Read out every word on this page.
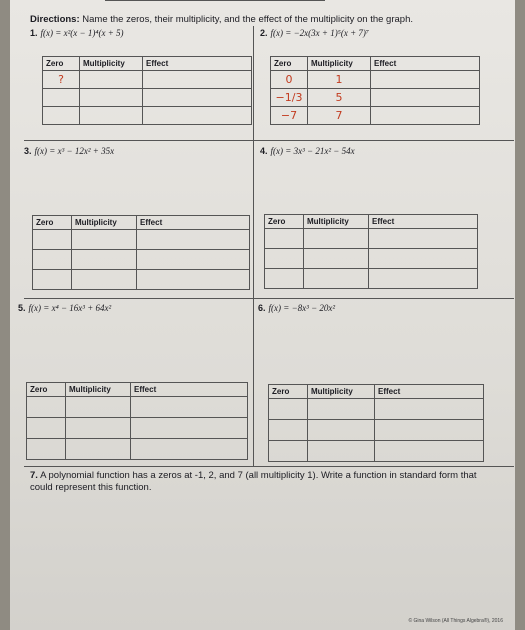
Directions: Name the zeros, their multiplicity, and the effect of the multiplicity on the graph.
1. f(x) = x²(x − 1)⁴(x + 5)	2. f(x) = −2x(3x + 1)⁵(x + 7)⁷
3. f(x) = x³ − 12x² + 35x	4. f(x) = 3x³ − 21x² − 54x
5. f(x) = x⁴ − 16x³ + 64x²	6. f(x) = −8x³ − 20x²
Zero	Multiplicity	Effect
?		

Zero	Multiplicity	Effect
0	1	
−1/3	5	
−7	7	
Zero	Multiplicity	Effect

			Zero	Multiplicity	Effect

Zero	Multiplicity	Effect

			Zero	Multiplicity	Effect

7. A polynomial function has a zeros at -1, 2, and 7 (all multiplicity 1). Write a function in standard form that could represent this function.
© Gina Wilson (All Things Algebra®), 2016
